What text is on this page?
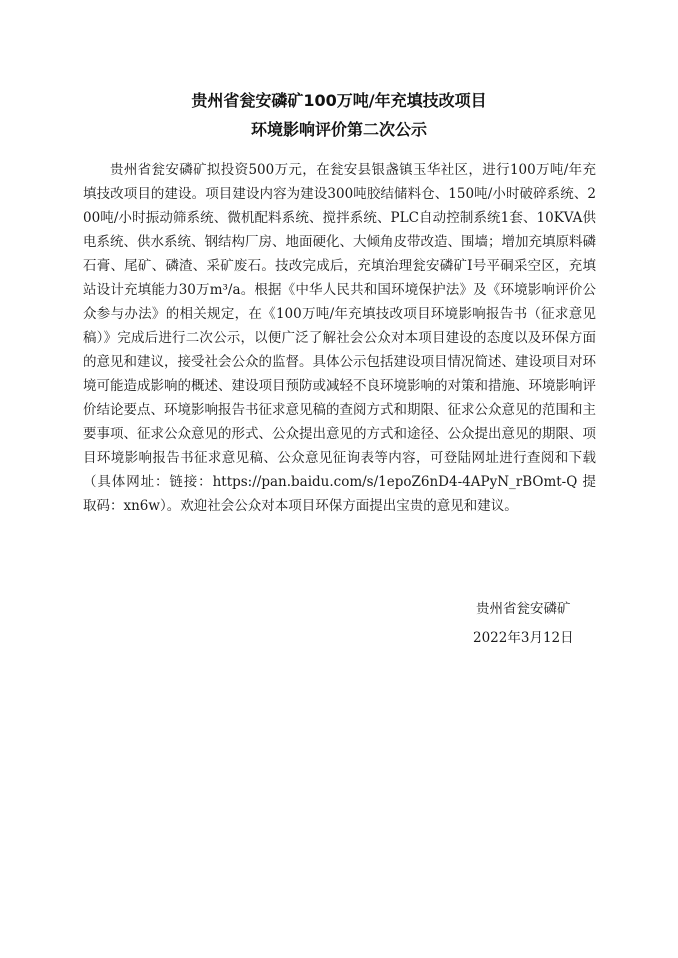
贵州省瓮安磷矿100万吨/年充填技改项目
环境影响评价第二次公示

贵州省瓮安磷矿拟投资500万元，在瓮安县银盏镇玉华社区，进行100万吨/年充填技改项目的建设。项目建设内容为建设300吨胶结储料仓、150吨/小时破碎系统、200吨/小时振动筛系统、微机配料系统、搅拌系统、PLC自动控制系统1套、10KVA供电系统、供水系统、钢结构厂房、地面硬化、大倾角皮带改造、围墙；增加充填原料磷石膏、尾矿、磷渣、采矿废石。技改完成后，充填治理瓮安磷矿Ⅰ号平硐采空区，充填站设计充填能力30万m³/a。根据《中华人民共和国环境保护法》及《环境影响评价公众参与办法》的相关规定，在《100万吨/年充填技改项目环境影响报告书（征求意见稿）》完成后进行二次公示，以便广泛了解社会公众对本项目建设的态度以及环保方面的意见和建议，接受社会公众的监督。具体公示包括建设项目情况简述、建设项目对环境可能造成影响的概述、建设项目预防或减轻不良环境影响的对策和措施、环境影响评价结论要点、环境影响报告书征求意见稿的查阅方式和期限、征求公众意见的范围和主要事项、征求公众意见的形式、公众提出意见的方式和途径、公众提出意见的期限、项目环境影响报告书征求意见稿、公众意见征询表等内容，可登陆网址进行查阅和下载（具体网址：链接：https://pan.baidu.com/s/1epoZ6nD4-4APyN_rBOmt-Q 提取码：xn6w）。欢迎社会公众对本项目环保方面提出宝贵的意见和建议。

贵州省瓮安磷矿
2022年3月12日
